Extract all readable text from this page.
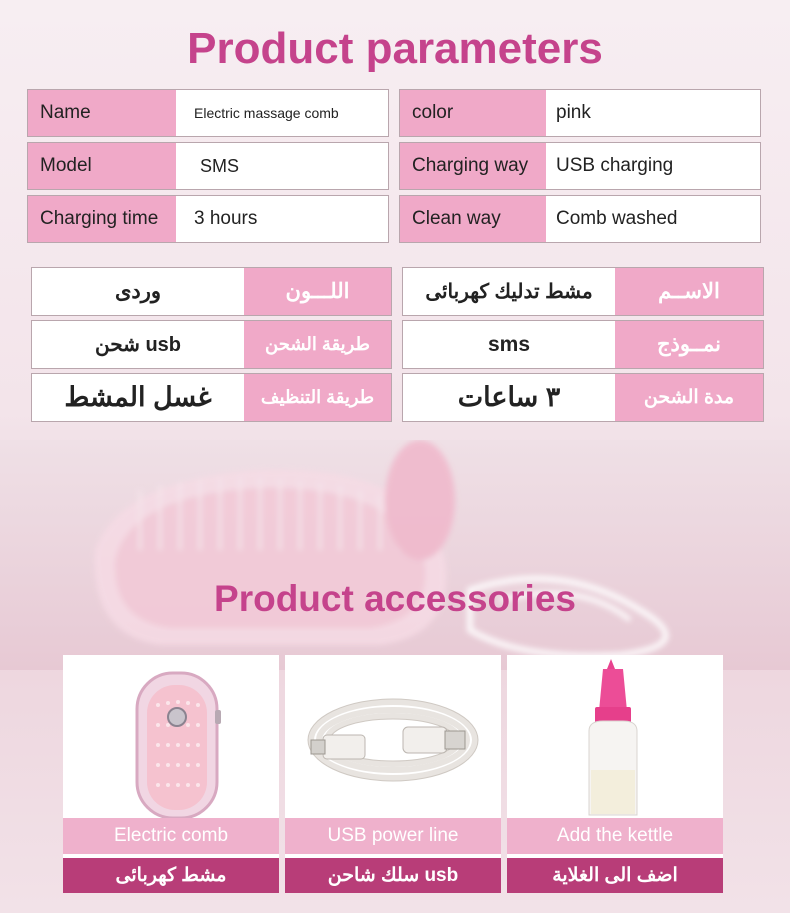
Product parameters
Name	Electric massage comb	color	pink
Model	SMS	Charging way	USB charging
Charging time	3 hours	Clean way	Comb washed
وردى	اللـــون	مشط تدليك كهربائى	الاســم
شحن usb	طريقة الشحن	sms	نمــوذج
غسل المشط	طريقة التنظيف	٣ ساعات	مدة الشحن
Product accessories
Electric comb
مشط كهربائى
USB power line
سلك شاحن usb
Add the kettle
اضف الى الغلاية
